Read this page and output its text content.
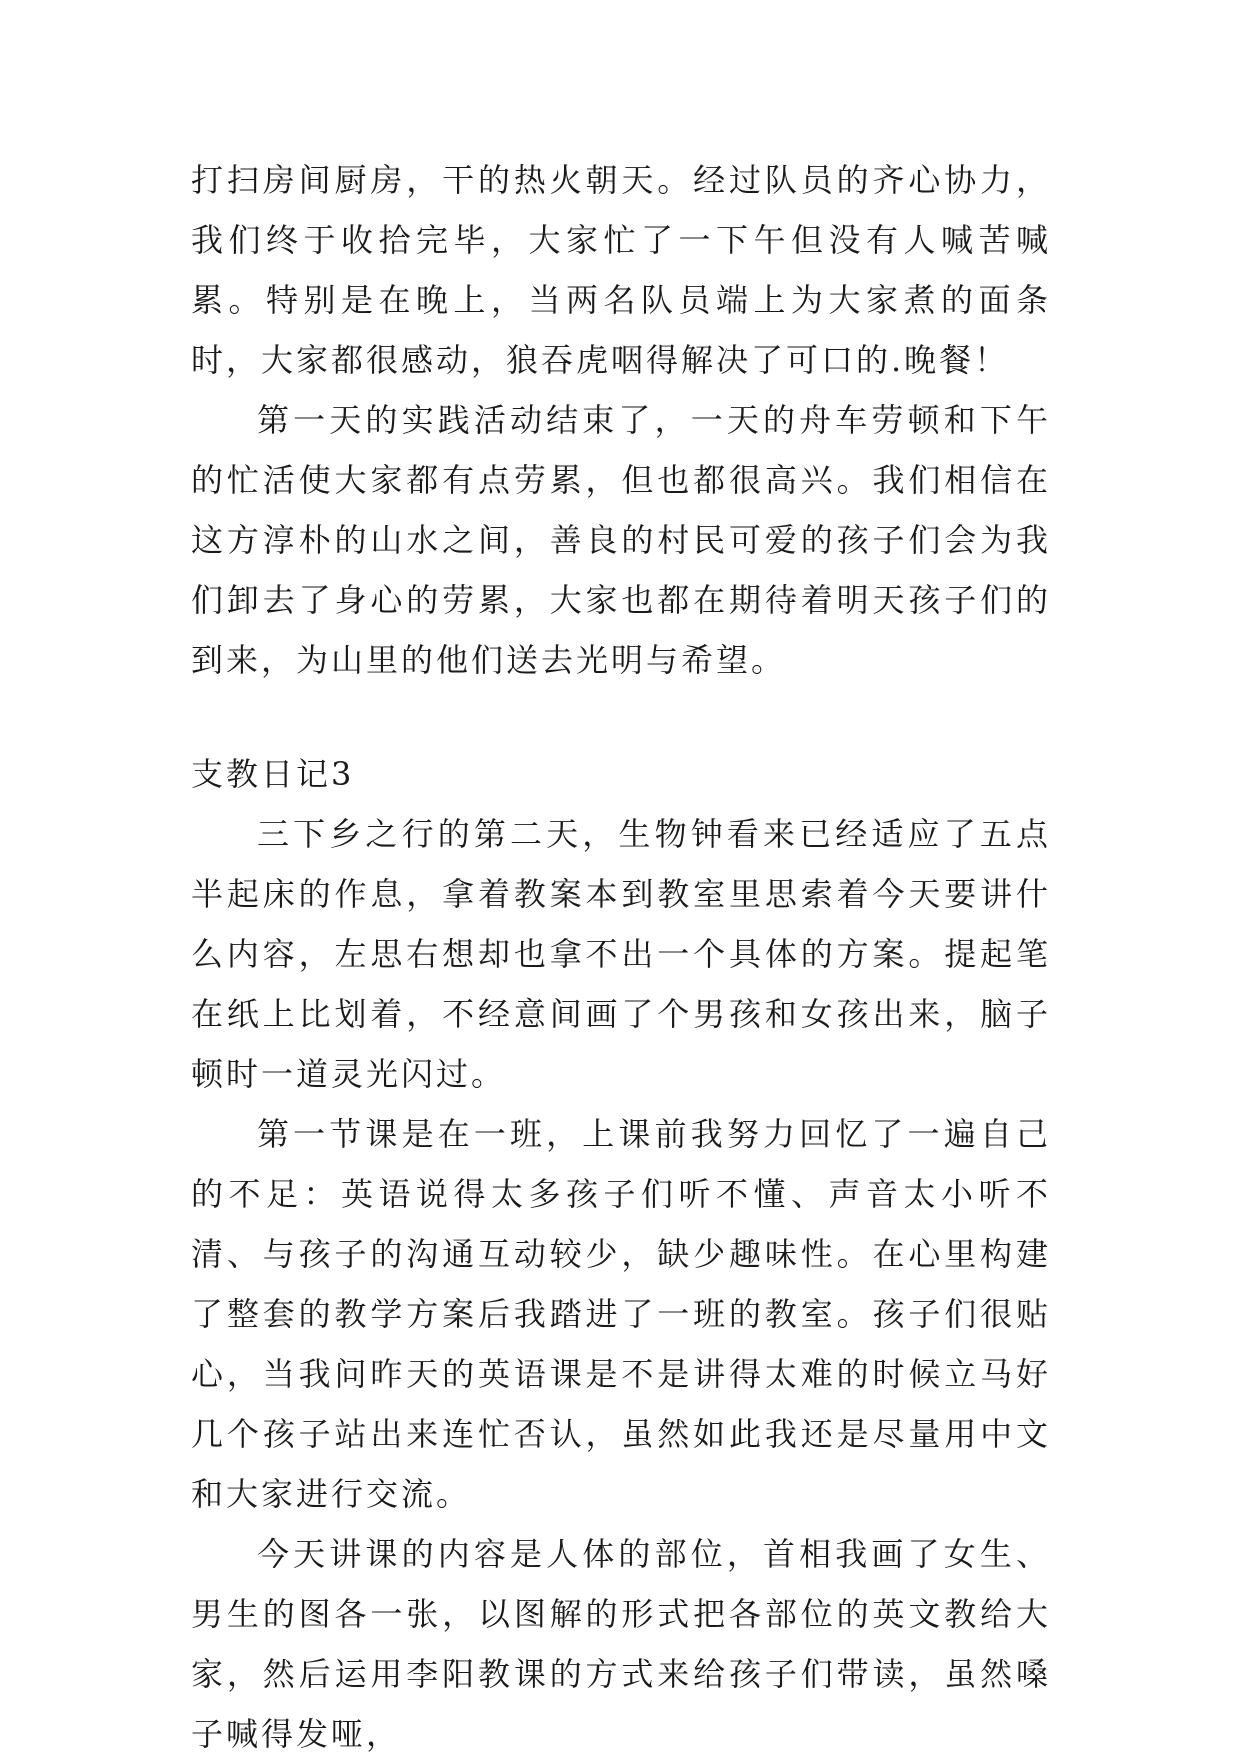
打扫房间厨房，干的热火朝天。经过队员的齐心协力，我们终于收拾完毕，大家忙了一下午但没有人喊苦喊累。特别是在晚上，当两名队员端上为大家煮的面条时，大家都很感动，狼吞虎咽得解决了可口的.晚餐！

第一天的实践活动结束了，一天的舟车劳顿和下午的忙活使大家都有点劳累，但也都很高兴。我们相信在这方淳朴的山水之间，善良的村民可爱的孩子们会为我们卸去了身心的劳累，大家也都在期待着明天孩子们的到来，为山里的他们送去光明与希望。

支教日记3

三下乡之行的第二天，生物钟看来已经适应了五点半起床的作息，拿着教案本到教室里思索着今天要讲什么内容，左思右想却也拿不出一个具体的方案。提起笔在纸上比划着，不经意间画了个男孩和女孩出来，脑子顿时一道灵光闪过。

第一节课是在一班，上课前我努力回忆了一遍自己的不足：英语说得太多孩子们听不懂、声音太小听不清、与孩子的沟通互动较少，缺少趣味性。在心里构建了整套的教学方案后我踏进了一班的教室。孩子们很贴心，当我问昨天的英语课是不是讲得太难的时候立马好几个孩子站出来连忙否认，虽然如此我还是尽量用中文和大家进行交流。

今天讲课的内容是人体的部位，首相我画了女生、男生的图各一张，以图解的形式把各部位的英文教给大家，然后运用李阳教课的方式来给孩子们带读，虽然嗓子喊得发哑，
